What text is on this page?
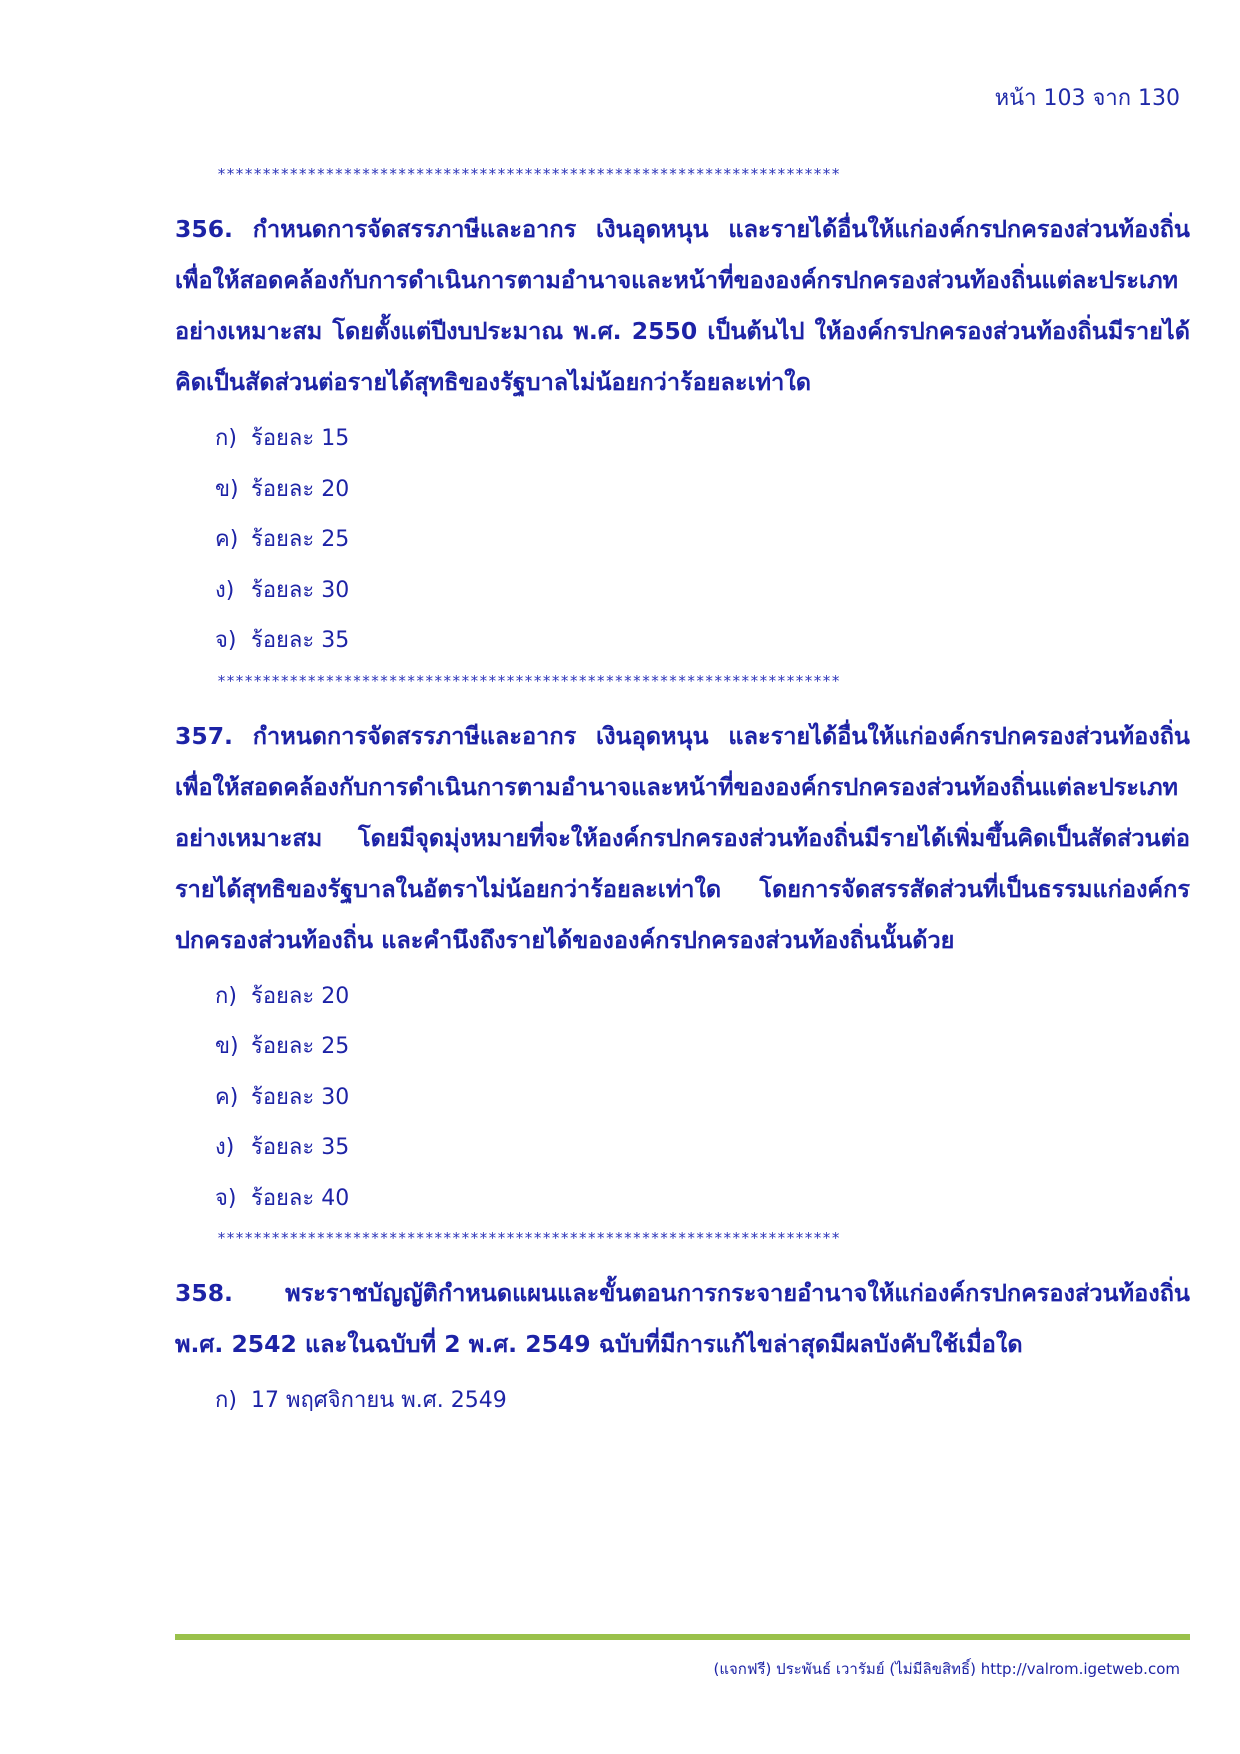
หน้า 103 จาก 130
*********************************************************************
356. กำหนดการจัดสรรภาษีและอากร เงินอุดหนุน และรายได้อื่นให้แก่องค์กรปกครองส่วนท้องถิ่นเพื่อให้สอดคล้องกับการดำเนินการตามอำนาจและหน้าที่ขององค์กรปกครองส่วนท้องถิ่นแต่ละประเภทอย่างเหมาะสม โดยตั้งแต่ปีงบประมาณ พ.ศ. 2550 เป็นต้นไป ให้องค์กรปกครองส่วนท้องถิ่นมีรายได้คิดเป็นสัดส่วนต่อรายได้สุทธิของรัฐบาลไม่น้อยกว่าร้อยละเท่าใด
ก) ร้อยละ 15
ข) ร้อยละ 20
ค) ร้อยละ 25
ง) ร้อยละ 30
จ) ร้อยละ 35
*********************************************************************
357. กำหนดการจัดสรรภาษีและอากร เงินอุดหนุน และรายได้อื่นให้แก่องค์กรปกครองส่วนท้องถิ่นเพื่อให้สอดคล้องกับการดำเนินการตามอำนาจและหน้าที่ขององค์กรปกครองส่วนท้องถิ่นแต่ละประเภทอย่างเหมาะสม โดยมีจุดมุ่งหมายที่จะให้องค์กรปกครองส่วนท้องถิ่นมีรายได้เพิ่มขึ้นคิดเป็นสัดส่วนต่อรายได้สุทธิของรัฐบาลในอัตราไม่น้อยกว่าร้อยละเท่าใด โดยการจัดสรรสัดส่วนที่เป็นธรรมแก่องค์กรปกครองส่วนท้องถิ่น และคำนึงถึงรายได้ขององค์กรปกครองส่วนท้องถิ่นนั้นด้วย
ก) ร้อยละ 20
ข) ร้อยละ 25
ค) ร้อยละ 30
ง) ร้อยละ 35
จ) ร้อยละ 40
*********************************************************************
358. พระราชบัญญัติกำหนดแผนและขั้นตอนการกระจายอำนาจให้แก่องค์กรปกครองส่วนท้องถิ่น พ.ศ. 2542 และในฉบับที่ 2 พ.ศ. 2549 ฉบับที่มีการแก้ไขล่าสุดมีผลบังคับใช้เมื่อใด
ก) 17 พฤศจิกายน พ.ศ. 2549
(แจกฟรี) ประพันธ์ เวารัมย์ (ไม่มีลิขสิทธิ์) http://valrom.igetweb.com
